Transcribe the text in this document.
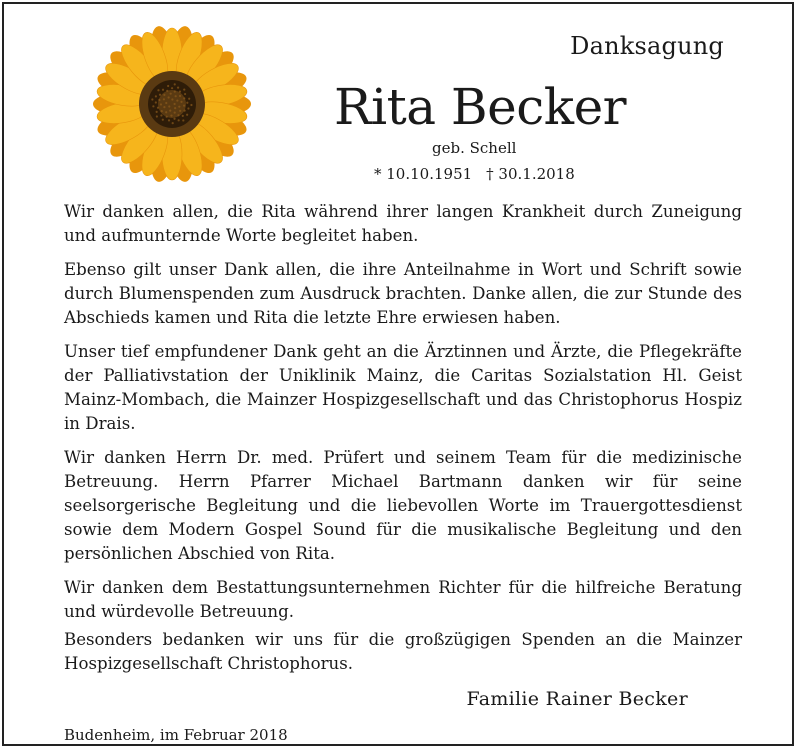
Danksagung
Rita Becker
geb. Schell
* 10.10.1951 † 30.1.2018

Wir danken allen, die Rita während ihrer langen Krankheit durch Zuneigung und aufmunternde Worte begleitet haben.

Ebenso gilt unser Dank allen, die ihre Anteilnahme in Wort und Schrift sowie durch Blumenspenden zum Ausdruck brachten. Danke allen, die zur Stunde des Abschieds kamen und Rita die letzte Ehre erwiesen haben.

Unser tief empfundener Dank geht an die Ärztinnen und Ärzte, die Pflegekräfte der Palliativstation der Uniklinik Mainz, die Caritas Sozialstation Hl. Geist Mainz-Mombach, die Mainzer Hospizgesellschaft und das Christophorus Hospiz in Drais.

Wir danken Herrn Dr. med. Prüfert und seinem Team für die medizinische Betreuung. Herrn Pfarrer Michael Bartmann danken wir für seine seelsorgerische Begleitung und die liebevollen Worte im Trauergottesdienst sowie dem Modern Gospel Sound für die musikalische Begleitung und den persönlichen Abschied von Rita.

Wir danken dem Bestattungsunternehmen Richter für die hilfreiche Beratung und würdevolle Betreuung.

Besonders bedanken wir uns für die großzügigen Spenden an die Mainzer Hospizgesellschaft Christophorus.

Familie Rainer Becker
Budenheim, im Februar 2018
